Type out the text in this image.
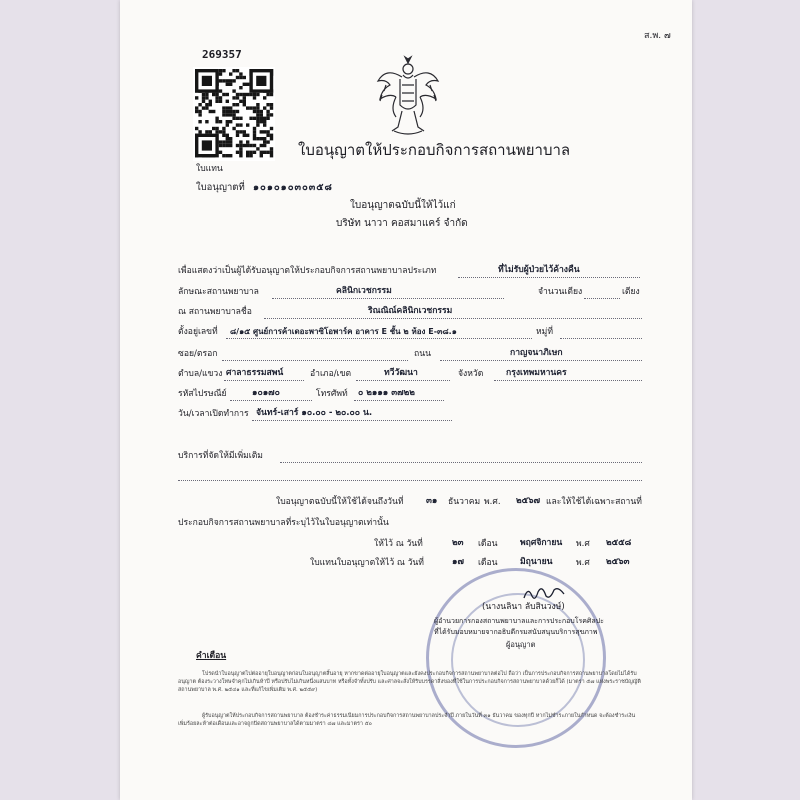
ส.พ. ๗
269357
ใบอนุญาตให้ประกอบกิจการสถานพยาบาล
ใบแทน
ใบอนุญาตที่ ๑๐๑๐๑๐๓๐๓๕๘
ใบอนุญาตฉบับนี้ให้ไว้แก่
บริษัท นาวา คอสมาแคร์ จำกัด
เพื่อแสดงว่าเป็นผู้ได้รับอนุญาตให้ประกอบกิจการสถานพยาบาลประเภท	ที่ไม่รับผู้ป่วยไว้ค้างคืน
ลักษณะสถานพยาบาล	คลินิกเวชกรรม	จำนวนเตียง	เตียง
ณ สถานพยาบาลชื่อ	ริณณิณ์คลินิกเวชกรรม
ตั้งอยู่เลขที่ ๘/๑๕ ศูนย์การค้าเดอะพาซิโอพาร์ค อาคาร E ชั้น ๒ ห้อง E-๓๘.๑	หมู่ที่
ซอย/ตรอก	ถนน	กาญจนาภิเษก
ตำบล/แขวง ศาลาธรรมสพน์	อำเภอ/เขต	ทวีวัฒนา	จังหวัด	กรุงเทพมหานคร
รหัสไปรษณีย์	๑๐๑๗๐	โทรศัพท์ ๐ ๒๑๑๑ ๓๗๒๒
วัน/เวลาเปิดทำการ จันทร์-เสาร์ ๑๐.๐๐ - ๒๐.๐๐ น.
บริการที่จัดให้มีเพิ่มเติม
ใบอนุญาตฉบับนี้ให้ใช้ได้จนถึงวันที่	๓๑ ธันวาคม พ.ศ. ๒๕๖๗ และให้ใช้ได้เฉพาะสถานที่
ประกอบกิจการสถานพยาบาลที่ระบุไว้ในใบอนุญาตเท่านั้น
ให้ไว้ ณ วันที่	๒๓ เดือน	พฤศจิกายน พ.ศ ๒๕๕๘
ใบแทนใบอนุญาตให้ไว้ ณ วันที่	๑๗ เดือน	มิถุนายน	พ.ศ ๒๕๖๓
(นางนลินา ลับสินวงษ์)
ผู้อำนวยการกองสถานพยาบาลและการประกอบโรคศิลปะ
ที่ได้รับมอบหมายจากอธิบดีกรมสนับสนุนบริการสุขภาพ
ผู้อนุญาต
คำเตือน
โปรดนำใบอนุญาตไปต่ออายุใบอนุญาตก่อนใบอนุญาตสิ้นอายุ หากขาดต่ออายุใบอนุญาตและยังคงประกอบกิจการสถานพยาบาลต่อไป ถือว่า เป็นการประกอบกิจการสถานพยาบาลโดยไม่ได้รับอนุญาต ต้องระวางโทษจำคุกไม่เกินห้าปี หรือปรับไม่เกินหนึ่งแสนบาท หรือทั้งจำทั้งปรับ และศาลจะสั่งให้ริบบรรดาสิ่งของที่ใช้ในการประกอบกิจการสถานพยาบาลด้วยก็ได้ (มาตรา ๕๗ แห่งพระราชบัญญัติสถานพยาบาล พ.ศ. ๒๕๔๑ และที่แก้ไขเพิ่มเติม พ.ศ. ๒๕๕๙)
ผู้รับอนุญาตให้ประกอบกิจการสถานพยาบาล ต้องชำระค่าธรรมเนียมการประกอบกิจการสถานพยาบาลประจำปี ภายในวันที่ ๓๑ ธันวาคม ของทุกปี หากไม่ชำระภายในกำหนด จะต้องชำระเงินเพิ่มร้อยละห้าต่อเดือนและอาจถูกปิดสถานพยาบาลได้ตามมาตรา ๔๗ และมาตรา ๕๐
